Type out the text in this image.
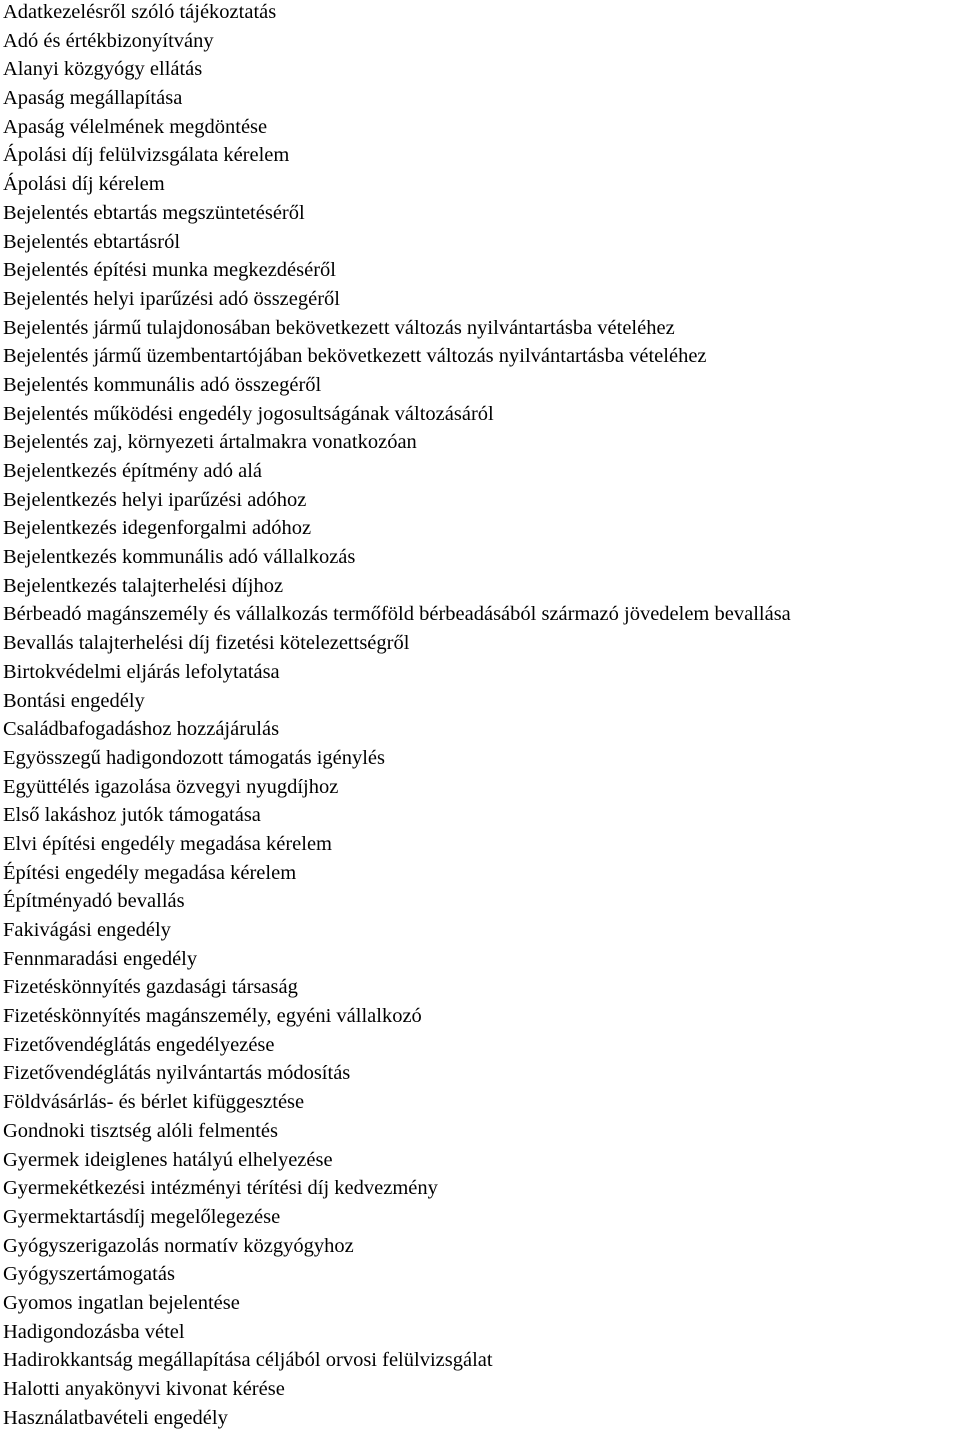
Adatkezelésről szóló tájékoztatás
Adó és értékbizonyítvány
Alanyi közgyógy ellátás
Apaság megállapítása
Apaság vélelmének megdöntése
Ápolási díj felülvizsgálata kérelem
Ápolási díj kérelem
Bejelentés ebtartás megszüntetéséről
Bejelentés ebtartásról
Bejelentés építési munka megkezdéséről
Bejelentés helyi iparűzési adó összegéről
Bejelentés jármű tulajdonosában bekövetkezett változás nyilvántartásba vételéhez
Bejelentés jármű üzembentartójában bekövetkezett változás nyilvántartásba vételéhez
Bejelentés kommunális adó összegéről
Bejelentés működési engedély jogosultságának változásáról
Bejelentés zaj, környezeti ártalmakra vonatkozóan
Bejelentkezés építmény adó alá
Bejelentkezés helyi iparűzési adóhoz
Bejelentkezés idegenforgalmi adóhoz
Bejelentkezés kommunális adó vállalkozás
Bejelentkezés talajterhelési díjhoz
Bérbeadó magánszemély és vállalkozás termőföld bérbeadásából származó jövedelem bevallása
Bevallás talajterhelési díj fizetési kötelezettségről
Birtokvédelmi eljárás lefolytatása
Bontási engedély
Családbafogadáshoz hozzájárulás
Egyösszegű hadigondozott támogatás igénylés
Együttélés igazolása özvegyi nyugdíjhoz
Első lakáshoz jutók támogatása
Elvi építési engedély megadása kérelem
Építési engedély megadása kérelem
Építményadó bevallás
Fakivágási engedély
Fennmaradási engedély
Fizetéskönnyítés gazdasági társaság
Fizetéskönnyítés magánszemély, egyéni vállalkozó
Fizetővendéglátás engedélyezése
Fizetővendéglátás nyilvántartás módosítás
Földvásárlás- és bérlet kifüggesztése
Gondnoki tisztség alóli felmentés
Gyermek ideiglenes hatályú elhelyezése
Gyermekétkezési intézményi térítési díj kedvezmény
Gyermektartásdíj megelőlegezése
Gyógyszerigazolás normatív közgyógyhoz
Gyógyszertámogatás
Gyomos ingatlan bejelentése
Hadigondozásba vétel
Hadirokkantság megállapítása céljából orvosi felülvizsgálat
Halotti anyakönyvi kivonat kérése
Használatbavételi engedély
